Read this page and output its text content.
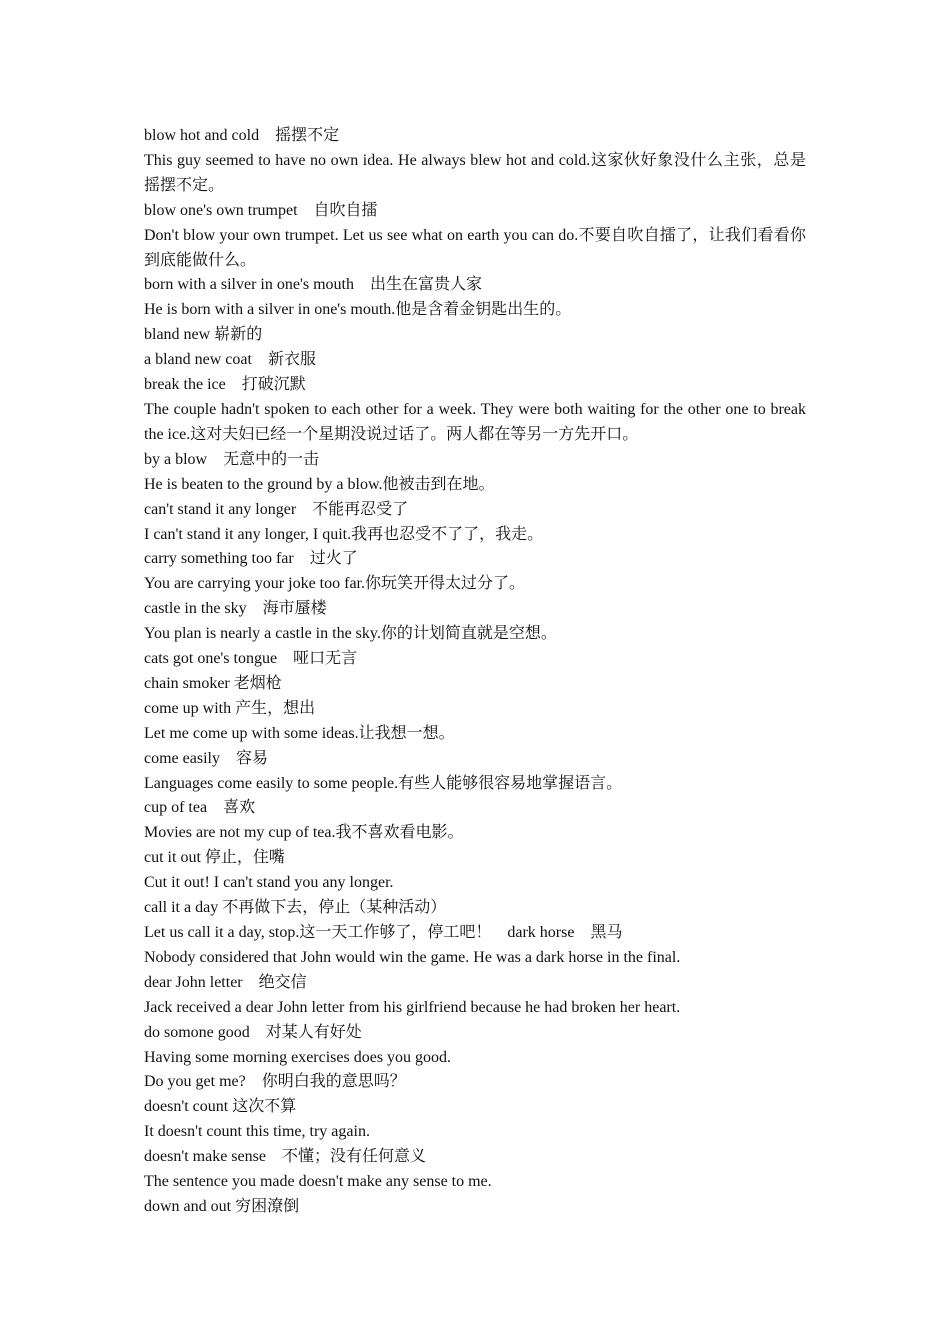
blow hot and cold　摇摆不定

This guy seemed to have no own idea. He always blew hot and cold.这家伙好象没什么主张，总是摇摆不定。

blow one's own trumpet　自吹自擂

Don't blow your own trumpet. Let us see what on earth you can do.不要自吹自擂了，让我们看看你到底能做什么。

born with a silver in one's mouth　出生在富贵人家

He is born with a silver in one's mouth.他是含着金钥匙出生的。

bland new 崭新的

a bland new coat　新衣服

break the ice　打破沉默

The couple hadn't spoken to each other for a week. They were both waiting for the other one to break the ice.这对夫妇已经一个星期没说过话了。两人都在等另一方先开口。

by a blow　无意中的一击

He is beaten to the ground by a blow.他被击到在地。

can't stand it any longer　不能再忍受了

I can't stand it any longer, I quit.我再也忍受不了了，我走。

carry something too far　过火了

You are carrying your joke too far.你玩笑开得太过分了。

castle in the sky　海市蜃楼

You plan is nearly a castle in the sky.你的计划简直就是空想。

cats got one's tongue　哑口无言

chain smoker 老烟枪

come up with 产生，想出

Let me come up with some ideas.让我想一想。

come easily　容易

Languages come easily to some people.有些人能够很容易地掌握语言。

cup of tea　喜欢

Movies are not my cup of tea.我不喜欢看电影。

cut it out 停止，住嘴

Cut it out! I can't stand you any longer.

call it a day 不再做下去，停止（某种活动）

Let us call it a day, stop.这一天工作够了，停工吧！　dark horse　黑马

Nobody considered that John would win the game. He was a dark horse in the final.

dear John letter　绝交信

Jack received a dear John letter from his girlfriend because he had broken her heart.

do somone good　对某人有好处

Having some morning exercises does you good.

Do you get me?　你明白我的意思吗？

doesn't count 这次不算

It doesn't count this time, try again.

doesn't make sense　不懂；没有任何意义

The sentence you made doesn't make any sense to me.

down and out 穷困潦倒
